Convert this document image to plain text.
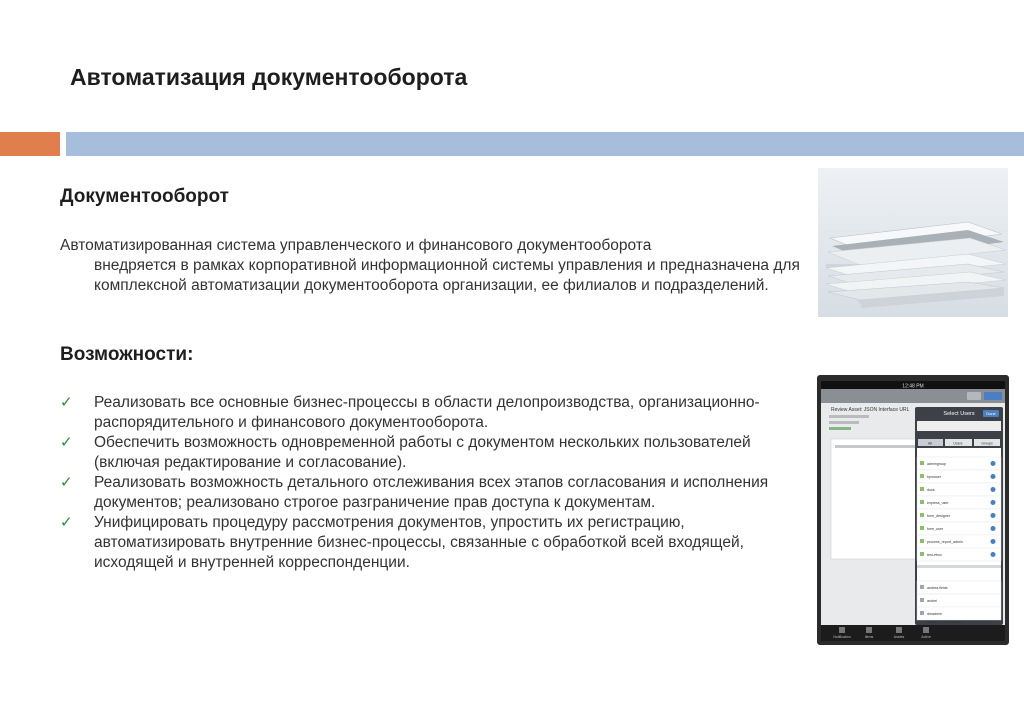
Автоматизация документооборота
Документооборот
Автоматизированная система управленческого и финансового документооборота
внедряется в рамках корпоративной информационной системы управления и предназначена для комплексной автоматизации документооборота организации, ее филиалов и подразделений.
Возможности:
✓ Реализовать все основные бизнес-процессы в области делопроизводства, организационно-распорядительного и финансового документооборота.
✓ Обеспечить возможность одновременной работы с документом нескольких пользователей (включая редактирование и согласование).
✓ Реализовать возможность детального отслеживания всех этапов согласования и исполнения документов; реализовано строгое разграничение прав доступа к документам.
✓ Унифицировать процедуру рассмотрения документов, упростить их регистрацию, автоматизировать внутренние бизнес-процессы, связанные с обработкой всей входящей, исходящей и внутренней корреспонденции.
12:48 PM
Review Asset: JSON Interface URL
Select Users	Done
All	Users	Groups
admingroup
bpmuser
docs
express_user
form_designer
form_user
process_report_admin
test-ebox
andrea.fields
andrei
dmadmin
dmuser_FormDisplay
Notification	Items	Assets	Active
